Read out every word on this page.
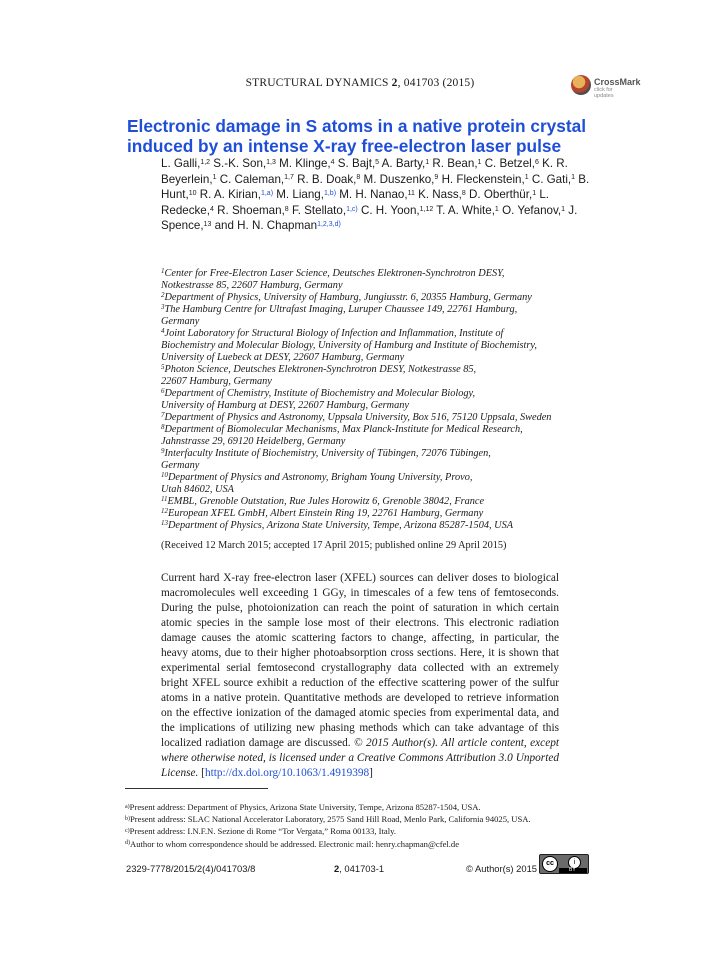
STRUCTURAL DYNAMICS 2, 041703 (2015)	CrossMark
click for updates
Electronic damage in S atoms in a native protein crystal induced by an intense X-ray free-electron laser pulse
L. Galli,$^{1,2}$ S.-K. Son,$^{1,3}$ M. Klinge,$^4$ S. Bajt,$^5$ A. Barty,$^1$ R. Bean,$^1$ C. Betzel,$^6$ K. R. Beyerlein,$^1$ C. Caleman,$^{1,7}$ R. B. Doak,$^8$ M. Duszenko,$^9$ H. Fleckenstein,$^1$ C. Gati,$^1$ B. Hunt,$^{10}$ R. A. Kirian,$^{1,a)}$ M. Liang,$^{1,b)}$ M. H. Nanao,$^{11}$ K. Nass,$^8$ D. Oberthür,$^1$ L. Redecke,$^4$ R. Shoeman,$^8$ F. Stellato,$^{1,c)}$ C. H. Yoon,$^{1,12}$ T. A. White,$^1$ O. Yefanov,$^1$ J. Spence,$^{13}$ and H. N. Chapman$^{1,2,3,d)}$
$^1$Center for Free-Electron Laser Science, Deutsches Elektronen-Synchrotron DESY,
Notkestrasse 85, 22607 Hamburg, Germany
$^2$Department of Physics, University of Hamburg, Jungiusstr. 6, 20355 Hamburg, Germany
$^3$The Hamburg Centre for Ultrafast Imaging, Luruper Chaussee 149, 22761 Hamburg,
Germany
$^4$Joint Laboratory for Structural Biology of Infection and Inflammation, Institute of
Biochemistry and Molecular Biology, University of Hamburg and Institute of Biochemistry,
University of Luebeck at DESY, 22607 Hamburg, Germany
$^5$Photon Science, Deutsches Elektronen-Synchrotron DESY, Notkestrasse 85,
22607 Hamburg, Germany
$^6$Department of Chemistry, Institute of Biochemistry and Molecular Biology,
University of Hamburg at DESY, 22607 Hamburg, Germany
$^7$Department of Physics and Astronomy, Uppsala University, Box 516, 75120 Uppsala, Sweden
$^8$Department of Biomolecular Mechanisms, Max Planck-Institute for Medical Research,
Jahnstrasse 29, 69120 Heidelberg, Germany
$^9$Interfaculty Institute of Biochemistry, University of Tübingen, 72076 Tübingen,
Germany
$^{10}$Department of Physics and Astronomy, Brigham Young University, Provo,
Utah 84602, USA
$^{11}$EMBL, Grenoble Outstation, Rue Jules Horowitz 6, Grenoble 38042, France
$^{12}$European XFEL GmbH, Albert Einstein Ring 19, 22761 Hamburg, Germany
$^{13}$Department of Physics, Arizona State University, Tempe, Arizona 85287-1504, USA
(Received 12 March 2015; accepted 17 April 2015; published online 29 April 2015)
Current hard X-ray free-electron laser (XFEL) sources can deliver doses to biological macromolecules well exceeding 1 GGy, in timescales of a few tens of femtoseconds. During the pulse, photoionization can reach the point of saturation in which certain atomic species in the sample lose most of their electrons. This electronic radiation damage causes the atomic scattering factors to change, affecting, in particular, the heavy atoms, due to their higher photoabsorption cross sections. Here, it is shown that experimental serial femtosecond crystallography data collected with an extremely bright XFEL source exhibit a reduction of the effective scattering power of the sulfur atoms in a native protein. Quantitative methods are developed to retrieve information on the effective ionization of the damaged atomic species from experimental data, and the implications of utilizing new phasing methods which can take advantage of this localized radiation damage are discussed. © 2015 Author(s). All article content, except where otherwise noted, is licensed under a Creative Commons Attribution 3.0 Unported License. [http://dx.doi.org/10.1063/1.4919398]
$^{a)}$Present address: Department of Physics, Arizona State University, Tempe, Arizona 85287-1504, USA.
$^{b)}$Present address: SLAC National Accelerator Laboratory, 2575 Sand Hill Road, Menlo Park, California 94025, USA.
$^{c)}$Present address: I.N.F.N. Sezione di Rome “Tor Vergata,” Roma 00133, Italy.
$^{d)}$Author to whom correspondence should be addressed. Electronic mail: henry.chapman@cfel.de
2329-7778/2015/2(4)/041703/8	2, 041703-1	© Author(s) 2015	cc	i
BY
